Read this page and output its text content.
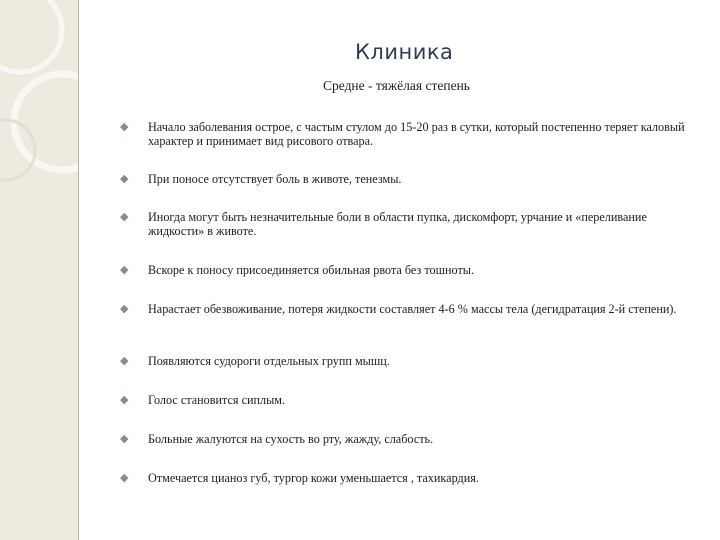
Клиника
Средне - тяжёлая степень
◆ Начало заболевания острое, с частым стулом до 15-20 раз в сутки, который постепенно теряет каловый характер и принимает вид рисового отвара.
◆ При поносе отсутствует боль в животе, тенезмы.
◆ Иногда могут быть незначительные боли в области пупка, дискомфорт, урчание и «переливание жидкости» в животе.
◆ Вскоре к поносу присоединяется обильная рвота без тошноты.
◆ Нарастает обезвоживание, потеря жидкости составляет 4-6 % массы тела (дегидратация 2-й степени).
◆ Появляются судороги отдельных групп мышц.
◆ Голос становится сиплым.
◆ Больные жалуются на сухость во рту, жажду, слабость.
◆ Отмечается цианоз губ, тургор кожи уменьшается , тахикардия.
